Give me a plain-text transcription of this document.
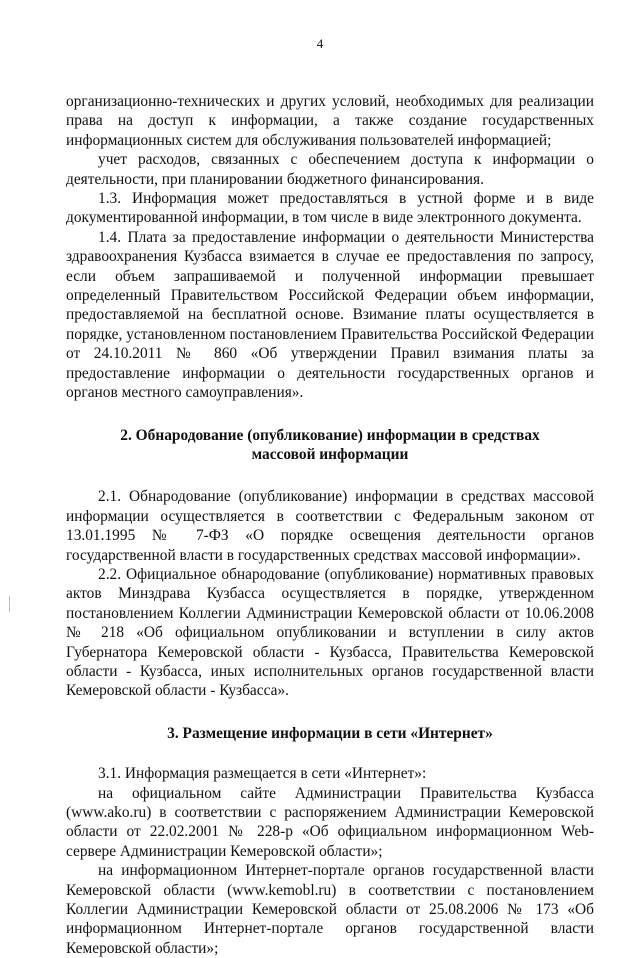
4

организационно-технических и других условий, необходимых для реализации права на доступ к информации, а также создание государственных информационных систем для обслуживания пользователей информацией;

учет расходов, связанных с обеспечением доступа к информации о деятельности, при планировании бюджетного финансирования.

1.3. Информация может предоставляться в устной форме и в виде документированной информации, в том числе в виде электронного документа.

1.4. Плата за предоставление информации о деятельности Министерства здравоохранения Кузбасса взимается в случае ее предоставления по запросу, если объем запрашиваемой и полученной информации превышает определенный Правительством Российской Федерации объем информации, предоставляемой на бесплатной основе. Взимание платы осуществляется в порядке, установленном постановлением Правительства Российской Федерации от 24.10.2011 № 860 «Об утверждении Правил взимания платы за предоставление информации о деятельности государственных органов и органов местного самоуправления».

2. Обнародование (опубликование) информации в средствах
массовой информации

2.1. Обнародование (опубликование) информации в средствах массовой информации осуществляется в соответствии с Федеральным законом от 13.01.1995 № 7-ФЗ «О порядке освещения деятельности органов государственной власти в государственных средствах массовой информации».

2.2. Официальное обнародование (опубликование) нормативных правовых актов Минздрава Кузбасса осуществляется в порядке, утвержденном постановлением Коллегии Администрации Кемеровской области от 10.06.2008 № 218 «Об официальном опубликовании и вступлении в силу актов Губернатора Кемеровской области - Кузбасса, Правительства Кемеровской области - Кузбасса, иных исполнительных органов государственной власти Кемеровской области - Кузбасса».

3. Размещение информации в сети «Интернет»

3.1. Информация размещается в сети «Интернет»:

на официальном сайте Администрации Правительства Кузбасса (www.ako.ru) в соответствии с распоряжением Администрации Кемеровской области от 22.02.2001 № 228-р «Об официальном информационном Web-сервере Администрации Кемеровской области»;

на информационном Интернет-портале органов государственной власти Кемеровской области (www.kemobl.ru) в соответствии с постановлением Коллегии Администрации Кемеровской области от 25.08.2006 № 173 «Об информационном Интернет-портале органов государственной власти Кемеровской области»;
